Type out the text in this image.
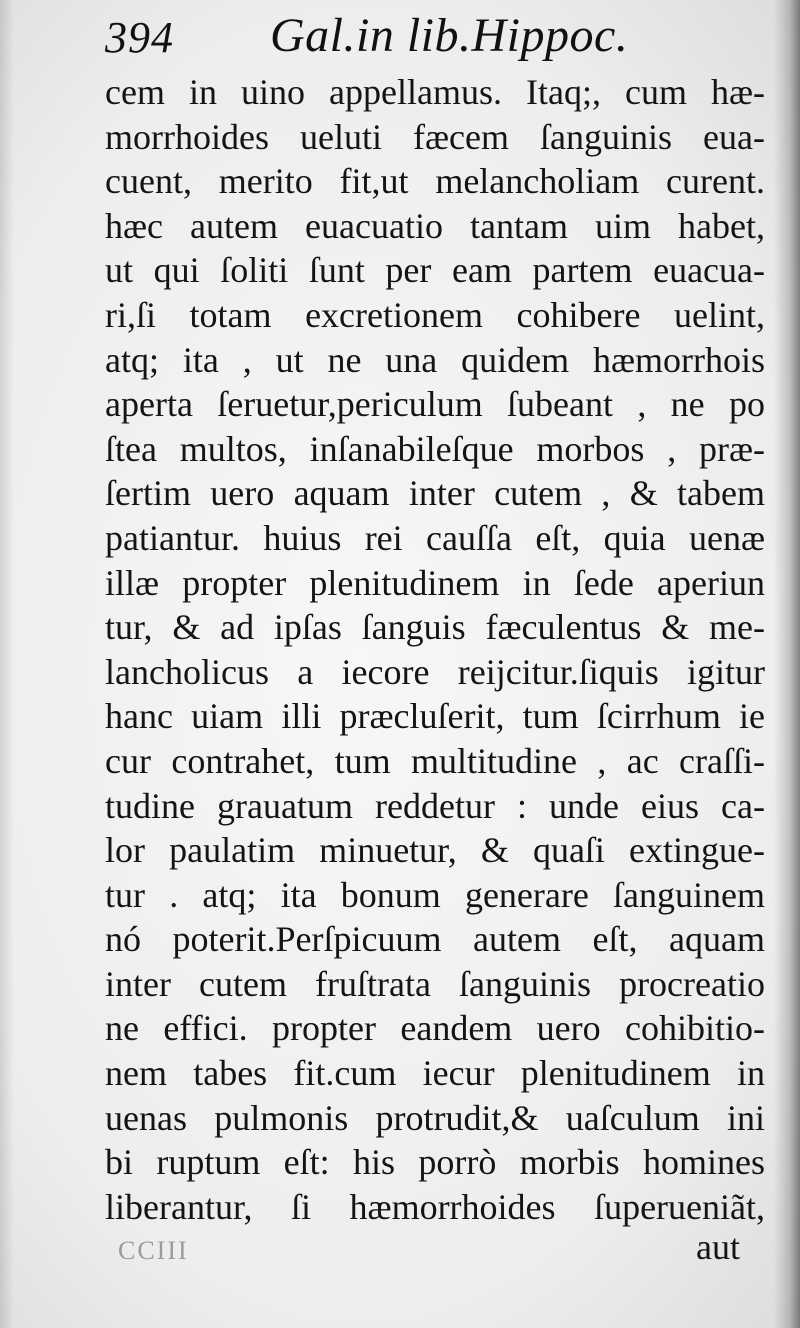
394 Gal.in lib.Hippoc.
cem in uino appellamus. Itaq;, cum hæ-
morrhoides ueluti fæcem ſanguinis eua-
cuent, merito fit,ut melancholiam curent.
hæc autem euacuatio tantam uim habet,
ut qui ſoliti ſunt per eam partem euacua-
ri,ſi totam excretionem cohibere uelint,
atq; ita , ut ne una quidem hæmorrhois
aperta ſeruetur,periculum ſubeant , ne po
ſtea multos, inſanabileſque morbos , præ-
ſertim uero aquam inter cutem , & tabem
patiantur. huius rei cauſſa eſt, quia uenæ
illæ propter plenitudinem in ſede aperiun
tur, & ad ipſas ſanguis fæculentus & me-
lancholicus a iecore reijcitur.ſiquis igitur
hanc uiam illi præcluſerit, tum ſcirrhum ie
cur contrahet, tum multitudine , ac craſſi-
tudine grauatum reddetur : unde eius ca-
lor paulatim minuetur, & quaſi extingue-
tur . atq; ita bonum generare ſanguinem
nó poterit.Perſpicuum autem eſt, aquam
inter cutem fruſtrata ſanguinis procreatio
ne effici. propter eandem uero cohibitio-
nem tabes fit.cum iecur plenitudinem in
uenas pulmonis protrudit,& uaſculum ini
bi ruptum eſt: his porrò morbis homines
liberantur, ſi hæmorrhoides ſuperueniãt,
CCIII	aut
